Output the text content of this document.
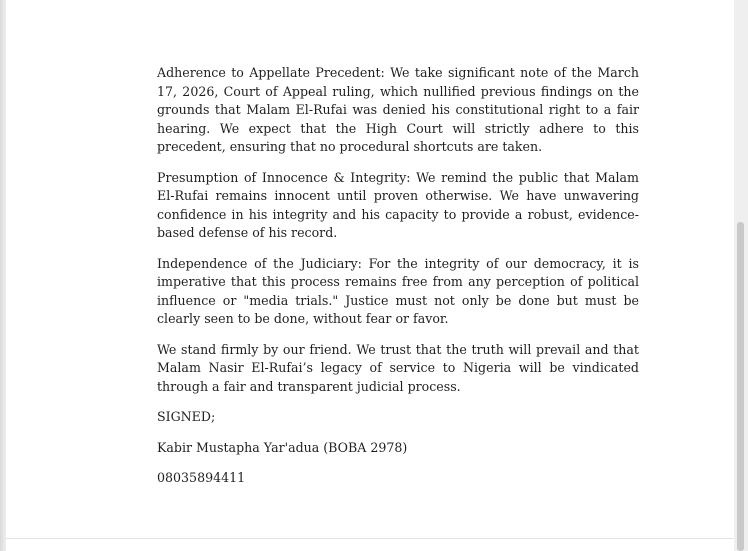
Adherence to Appellate Precedent: We take significant note of the March 17, 2026, Court of Appeal ruling, which nullified previous findings on the grounds that Malam El-Rufai was denied his constitutional right to a fair hearing. We expect that the High Court will strictly adhere to this precedent, ensuring that no procedural shortcuts are taken.

Presumption of Innocence & Integrity: We remind the public that Malam El-Rufai remains innocent until proven otherwise. We have unwavering confidence in his integrity and his capacity to provide a robust, evidence-based defense of his record.

Independence of the Judiciary: For the integrity of our democracy, it is imperative that this process remains free from any perception of political influence or "media trials." Justice must not only be done but must be clearly seen to be done, without fear or favor.

We stand firmly by our friend. We trust that the truth will prevail and that Malam Nasir El-Rufai’s legacy of service to Nigeria will be vindicated through a fair and transparent judicial process.

SIGNED;

Kabir Mustapha Yar'adua (BOBA 2978)

08035894411
